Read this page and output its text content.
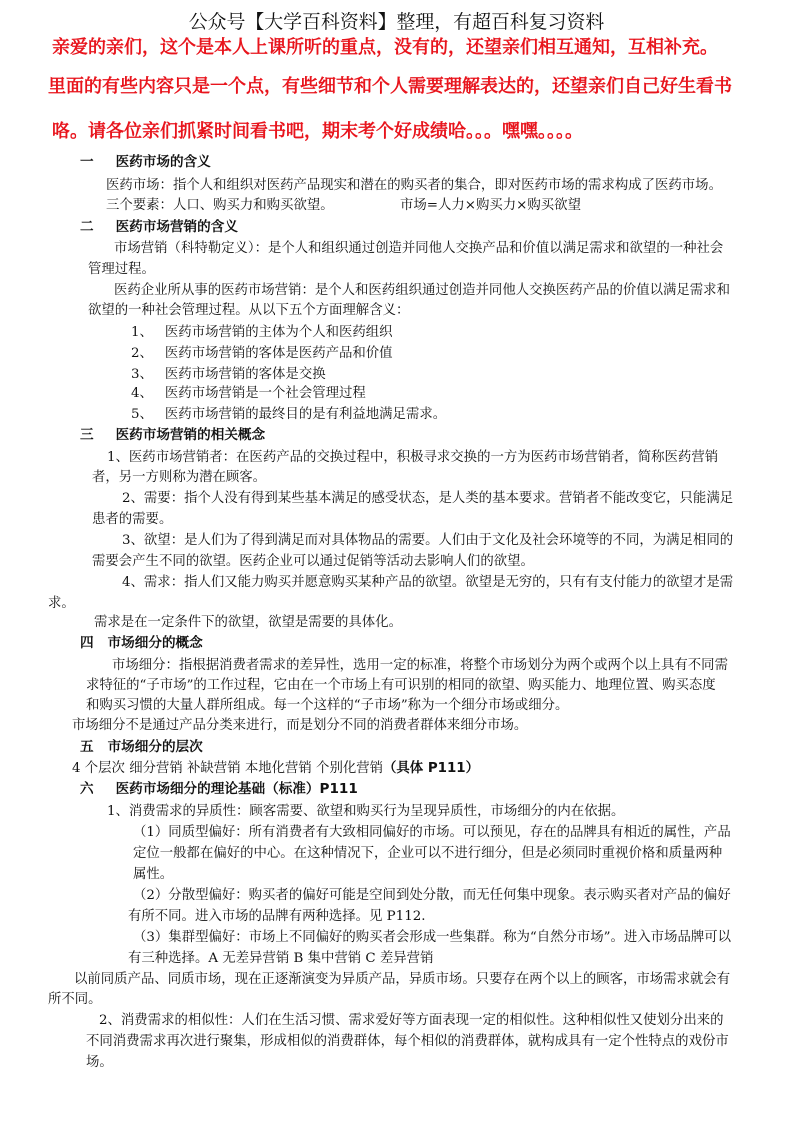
公众号【大学百科资料】整理，有超百科复习资料
亲爱的亲们，这个是本人上课所听的重点，没有的，还望亲们相互通知，互相补充。
里面的有些内容只是一个点，有些细节和个人需要理解表达的，还望亲们自己好生看书
咯。请各位亲们抓紧时间看书吧，期末考个好成绩哈。。。嘿嘿。。。。
一 医药市场的含义
医药市场：指个人和组织对医药产品现实和潜在的购买者的集合，即对医药市场的需求构成了医药市场。
三个要素：人口、购买力和购买欲望。	市场=人力×购买力×购买欲望
二 医药市场营销的含义
市场营销（科特勒定义）：是个人和组织通过创造并同他人交换产品和价值以满足需求和欲望的一种社会
管理过程。
医药企业所从事的医药市场营销：是个人和医药组织通过创造并同他人交换医药产品的价值以满足需求和
欲望的一种社会管理过程。从以下五个方面理解含义：
1、 医药市场营销的主体为个人和医药组织
2、 医药市场营销的客体是医药产品和价值
3、 医药市场营销的客体是交换
4、 医药市场营销是一个社会管理过程
5、 医药市场营销的最终目的是有利益地满足需求。
三 医药市场营销的相关概念
1、医药市场营销者：在医药产品的交换过程中，积极寻求交换的一方为医药市场营销者，简称医药营销
者，另一方则称为潜在顾客。
2、需要：指个人没有得到某些基本满足的感受状态，是人类的基本要求。营销者不能改变它，只能满足
患者的需要。
3、欲望：是人们为了得到满足而对具体物品的需要。人们由于文化及社会环境等的不同，为满足相同的
需要会产生不同的欲望。医药企业可以通过促销等活动去影响人们的欲望。
4、需求：指人们又能力购买并愿意购买某种产品的欲望。欲望是无穷的，只有有支付能力的欲望才是需
求。
需求是在一定条件下的欲望，欲望是需要的具体化。
四 市场细分的概念
市场细分：指根据消费者需求的差异性，选用一定的标准，将整个市场划分为两个或两个以上具有不同需
求特征的“子市场”的工作过程，它由在一个市场上有可识别的相同的欲望、购买能力、地理位置、购买态度
和购买习惯的大量人群所组成。每一个这样的“子市场”称为一个细分市场或细分。
市场细分不是通过产品分类来进行，而是划分不同的消费者群体来细分市场。
五 市场细分的层次
4 个层次 细分营销 补缺营销 本地化营销 个别化营销（具体 P111）
六 医药市场细分的理论基础（标准）P111
1、消费需求的异质性：顾客需要、欲望和购买行为呈现异质性，市场细分的内在依据。
（1）同质型偏好：所有消费者有大致相同偏好的市场。可以预见，存在的品牌具有相近的属性，产品
定位一般都在偏好的中心。在这种情况下，企业可以不进行细分，但是必须同时重视价格和质量两种
属性。
（2）分散型偏好：购买者的偏好可能是空间到处分散，而无任何集中现象。表示购买者对产品的偏好
有所不同。进入市场的品牌有两种选择。见 P112.
（3）集群型偏好：市场上不同偏好的购买者会形成一些集群。称为“自然分市场”。进入市场品牌可以
有三种选择。A 无差异营销 B 集中营销 C 差异营销
以前同质产品、同质市场，现在正逐渐演变为异质产品，异质市场。只要存在两个以上的顾客，市场需求就会有
所不同。
2、消费需求的相似性：人们在生活习惯、需求爱好等方面表现一定的相似性。这种相似性又使划分出来的
不同消费需求再次进行聚集，形成相似的消费群体，每个相似的消费群体，就构成具有一定个性特点的戏份市
场。
